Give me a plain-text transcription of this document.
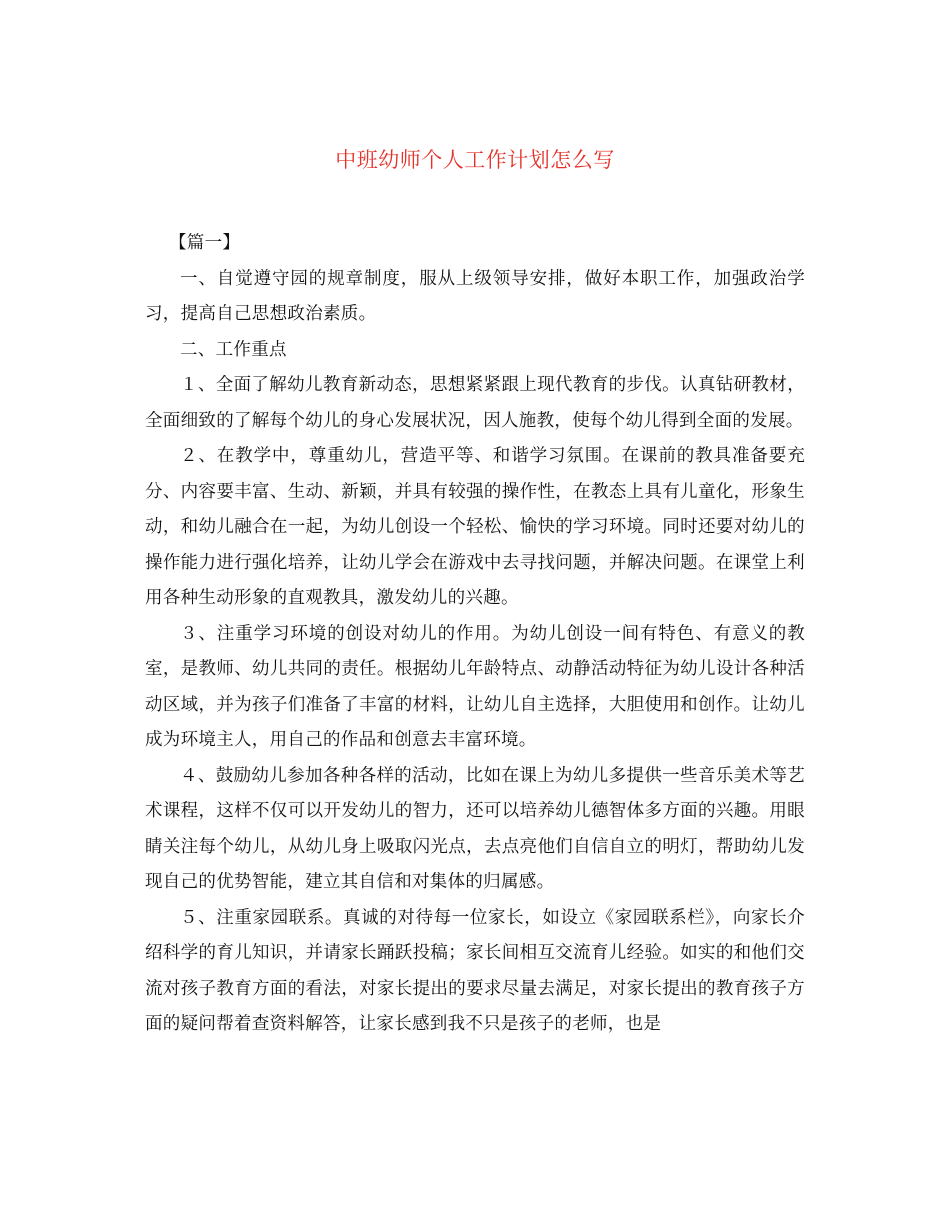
中班幼师个人工作计划怎么写

【篇一】

一、自觉遵守园的规章制度，服从上级领导安排，做好本职工作，加强政治学习，提高自己思想政治素质。

二、工作重点

１、全面了解幼儿教育新动态，思想紧紧跟上现代教育的步伐。认真钻研教材，全面细致的了解每个幼儿的身心发展状况，因人施教，使每个幼儿得到全面的发展。

２、在教学中，尊重幼儿，营造平等、和谐学习氛围。在课前的教具准备要充分、内容要丰富、生动、新颖，并具有较强的操作性，在教态上具有儿童化，形象生动，和幼儿融合在一起，为幼儿创设一个轻松、愉快的学习环境。同时还要对幼儿的操作能力进行强化培养，让幼儿学会在游戏中去寻找问题，并解决问题。在课堂上利用各种生动形象的直观教具，激发幼儿的兴趣。

３、注重学习环境的创设对幼儿的作用。为幼儿创设一间有特色、有意义的教室，是教师、幼儿共同的责任。根据幼儿年龄特点、动静活动特征为幼儿设计各种活动区域，并为孩子们准备了丰富的材料，让幼儿自主选择，大胆使用和创作。让幼儿成为环境主人，用自己的作品和创意去丰富环境。

４、鼓励幼儿参加各种各样的活动，比如在课上为幼儿多提供一些音乐美术等艺术课程，这样不仅可以开发幼儿的智力，还可以培养幼儿德智体多方面的兴趣。用眼睛关注每个幼儿，从幼儿身上吸取闪光点，去点亮他们自信自立的明灯，帮助幼儿发现自己的优势智能，建立其自信和对集体的归属感。

５、注重家园联系。真诚的对待每一位家长，如设立《家园联系栏》，向家长介绍科学的育儿知识，并请家长踊跃投稿；家长间相互交流育儿经验。如实的和他们交流对孩子教育方面的看法，对家长提出的要求尽量去满足，对家长提出的教育孩子方面的疑问帮着查资料解答，让家长感到我不只是孩子的老师，也是
